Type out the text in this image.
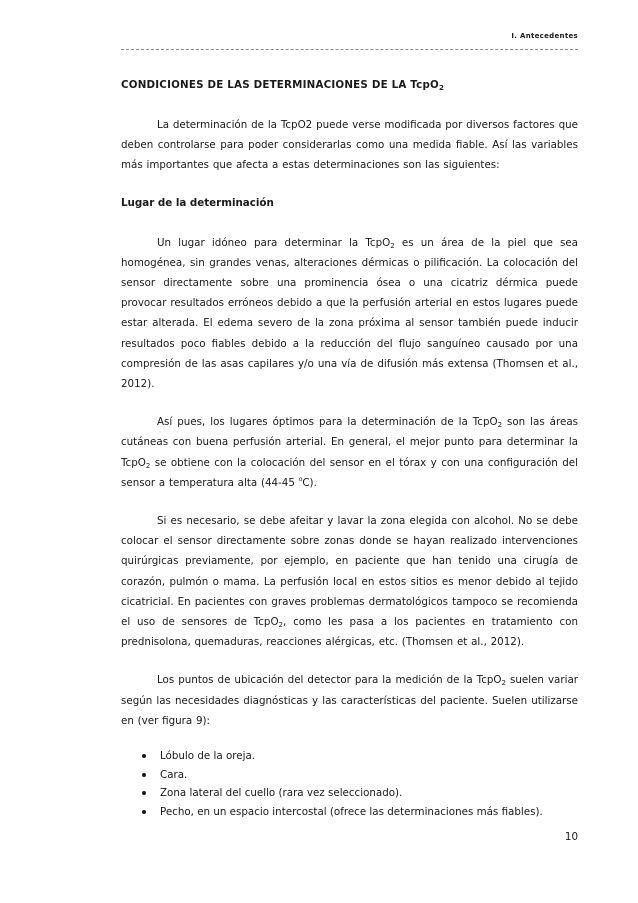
I. Antecedentes
CONDICIONES DE LAS DETERMINACIONES DE LA TcpO$_2$

La determinación de la TcpO2 puede verse modificada por diversos factores que deben controlarse para poder considerarlas como una medida fiable. Así las variables más importantes que afecta a estas determinaciones son las siguientes:

Lugar de la determinación

Un lugar idóneo para determinar la TcpO$_2$ es un área de la piel que sea homogénea, sin grandes venas, alteraciones dérmicas o pilificación. La colocación del sensor directamente sobre una prominencia ósea o una cicatriz dérmica puede provocar resultados erróneos debido a que la perfusión arterial en estos lugares puede estar alterada. El edema severo de la zona próxima al sensor también puede inducir resultados poco fiables debido a la reducción del flujo sanguíneo causado por una compresión de las asas capilares y/o una vía de difusión más extensa (Thomsen et al., 2012).

Así pues, los lugares óptimos para la determinación de la TcpO$_2$ son las áreas cutáneas con buena perfusión arterial. En general, el mejor punto para determinar la TcpO$_2$ se obtiene con la colocación del sensor en el tórax y con una configuración del sensor a temperatura alta (44-45 $^o$C).

Si es necesario, se debe afeitar y lavar la zona elegida con alcohol. No se debe colocar el sensor directamente sobre zonas donde se hayan realizado intervenciones quirúrgicas previamente, por ejemplo, en paciente que han tenido una cirugía de corazón, pulmón o mama. La perfusión local en estos sitios es menor debido al tejido cicatricial. En pacientes con graves problemas dermatológicos tampoco se recomienda el uso de sensores de TcpO$_2$, como les pasa a los pacientes en tratamiento con prednisolona, quemaduras, reacciones alérgicas, etc. (Thomsen et al., 2012).

Los puntos de ubicación del detector para la medición de la TcpO$_2$ suelen variar según las necesidades diagnósticas y las características del paciente. Suelen utilizarse en (ver figura 9):

Lóbulo de la oreja.
Cara.
Zona lateral del cuello (rara vez seleccionado).
Pecho, en un espacio intercostal (ofrece las determinaciones más fiables).
10
